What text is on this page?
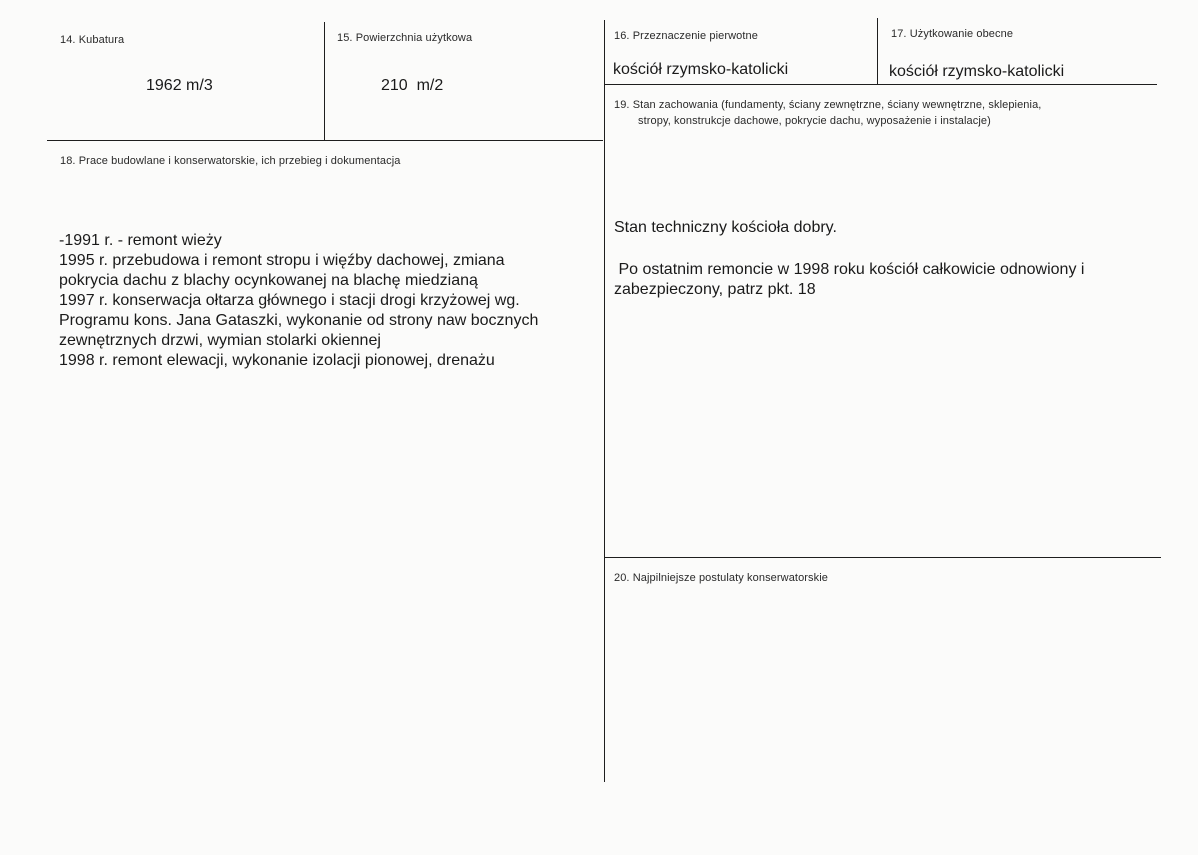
14. Kubatura
1962 m/3
15. Powierzchnia użytkowa
210  m/2
16. Przeznaczenie pierwotne
kościół rzymsko-katolicki
17. Użytkowanie obecne
kościół rzymsko-katolicki
18. Prace budowlane i konserwatorskie, ich przebieg i dokumentacja
-1991 r. - remont wieży
1995 r. przebudowa i remont stropu i więźby dachowej, zmiana
pokrycia dachu z blachy ocynkowanej na blachę miedzianą
1997 r. konserwacja ołtarza głównego i stacji drogi krzyżowej wg.
Programu kons. Jana Gataszki, wykonanie od strony naw bocznych
zewnętrznych drzwi, wymian stolarki okiennej
1998 r. remont elewacji, wykonanie izolacji pionowej, drenażu
19. Stan zachowania (fundamenty, ściany zewnętrzne, ściany wewnętrzne, sklepienia,
stropy, konstrukcje dachowe, pokrycie dachu, wyposażenie i instalacje)
Stan techniczny kościoła dobry.
Po ostatnim remoncie w 1998 roku kościół całkowicie odnowiony i
zabezpieczony, patrz pkt. 18
20. Najpilniejsze postulaty konserwatorskie
